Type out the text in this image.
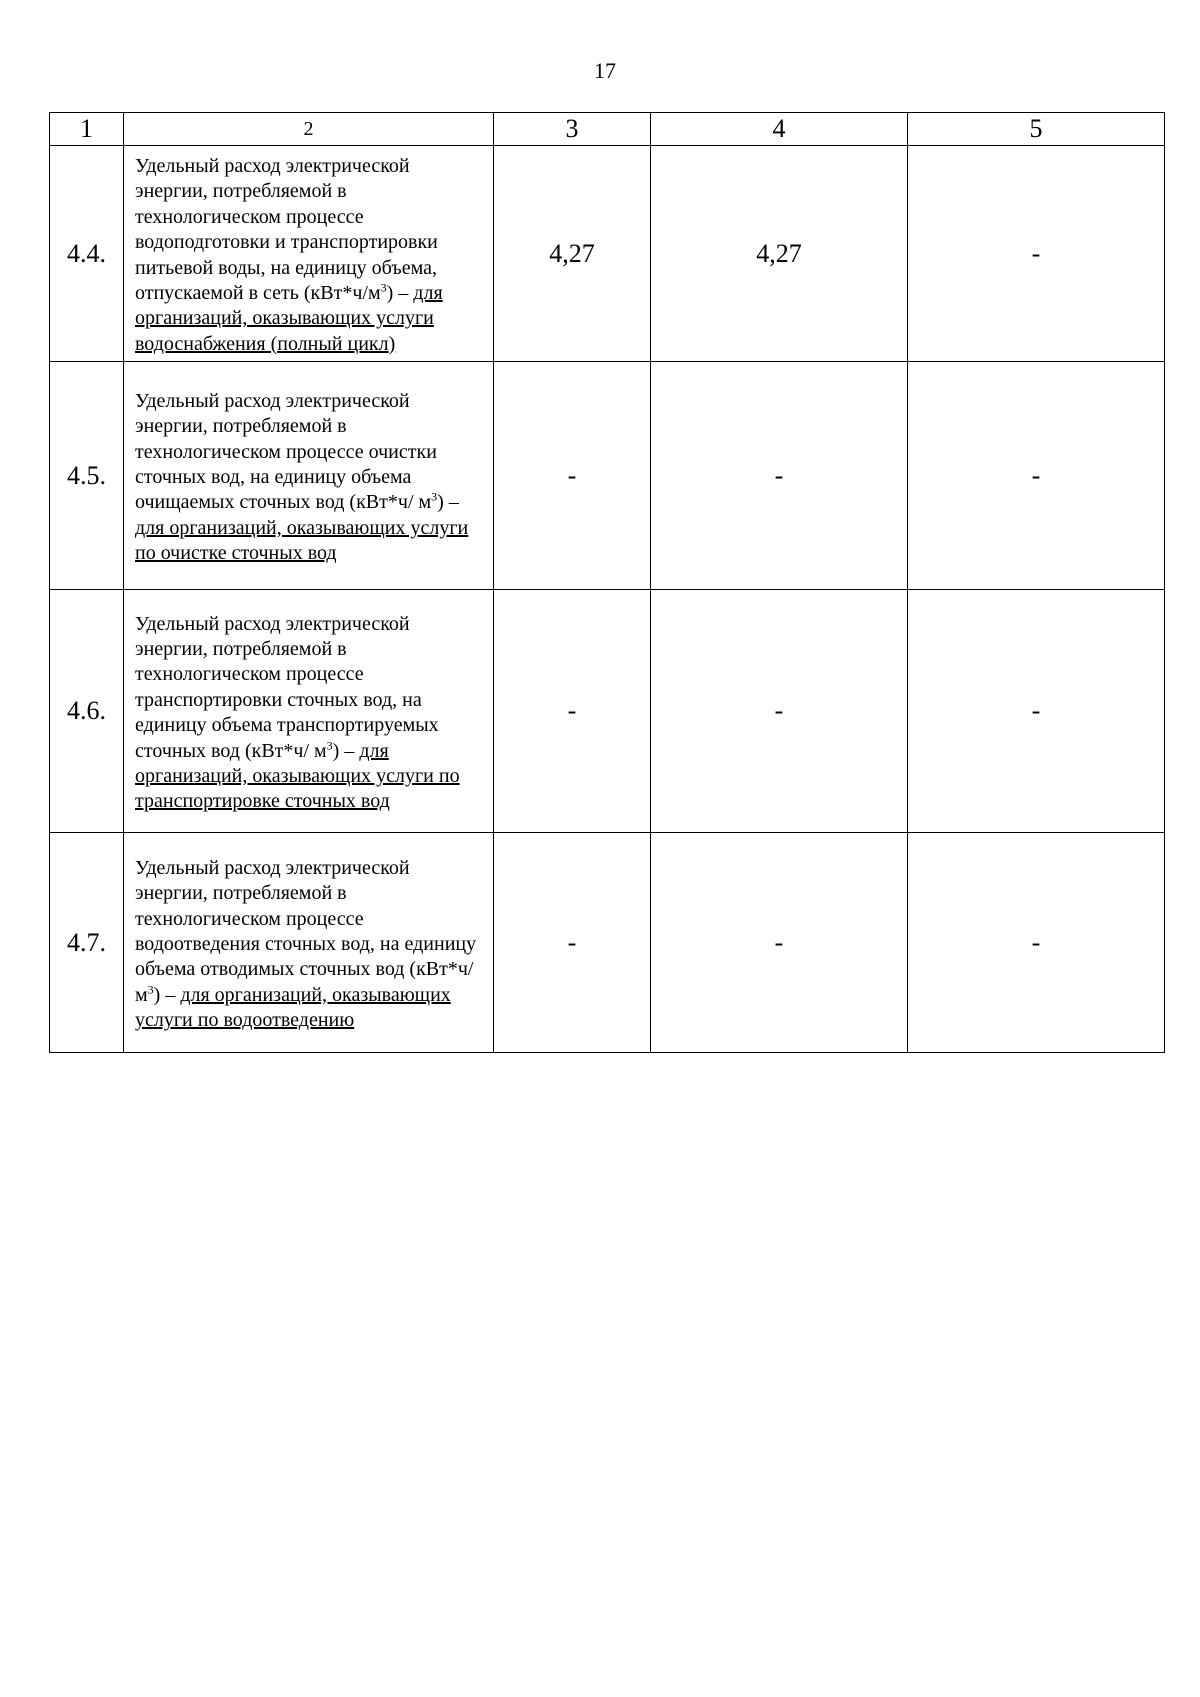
17
1	2	3	4	5
4.4.	Удельный расход электрической энергии, потребляемой в технологическом процессе водоподготовки и транспортировки питьевой воды, на единицу объема, отпускаемой в сеть $(кВт*ч/м^3)$ – для организаций, оказывающих услуги водоснабжения (полный цикл)	4,27	4,27	-
4.5.	Удельный расход электрической энергии, потребляемой в технологическом процессе очистки сточных вод, на единицу объема очищаемых сточных вод (кВт*ч/ $м^3$) – для организаций, оказывающих услуги по очистке сточных вод	-	-	-
4.6.	Удельный расход электрической энергии, потребляемой в технологическом процессе транспортировки сточных вод, на единицу объема транспортируемых сточных вод (кВт*ч/ $м^3$) – для организаций, оказывающих услуги по транспортировке сточных вод	-	-	-
4.7.	Удельный расход электрической энергии, потребляемой в технологическом процессе водоотведения сточных вод, на единицу объема отводимых сточных вод (кВт*ч/ $м^3$) – для организаций, оказывающих услуги по водоотведению	-	-	-
